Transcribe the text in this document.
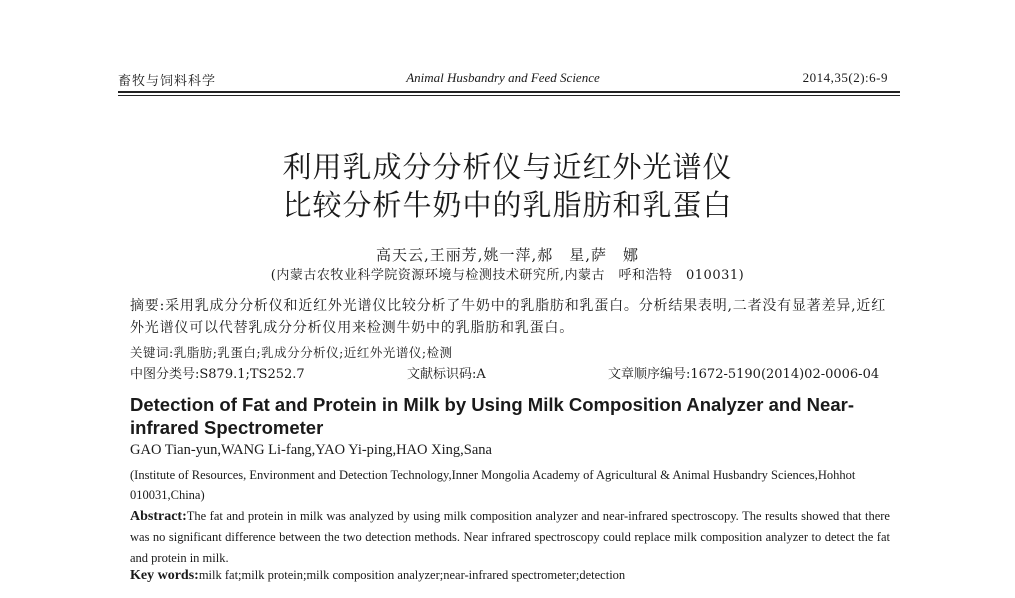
畜牧与饲料科学	Animal Husbandry and Feed Science	2014,35(2):6-9
利用乳成分分析仪与近红外光谱仪
比较分析牛奶中的乳脂肪和乳蛋白
高天云,王丽芳,姚一萍,郝　星,萨　娜
(内蒙古农牧业科学院资源环境与检测技术研究所,内蒙古　呼和浩特　010031)
摘要:采用乳成分分析仪和近红外光谱仪比较分析了牛奶中的乳脂肪和乳蛋白。分析结果表明,二者没有显著差异,近红外光谱仪可以代替乳成分分析仪用来检测牛奶中的乳脂肪和乳蛋白。
关键词:乳脂肪;乳蛋白;乳成分分析仪;近红外光谱仪;检测
中图分类号:S879.1;TS252.7	文献标识码:A	文章顺序编号:1672-5190(2014)02-0006-04
Detection of Fat and Protein in Milk by Using Milk Composition Analyzer and Near-infrared Spectrometer
GAO Tian-yun,WANG Li-fang,YAO Yi-ping,HAO Xing,Sana
(Institute of Resources, Environment and Detection Technology,Inner Mongolia Academy of Agricultural & Animal Husbandry Sciences,Hohhot　010031,China)
Abstract:The fat and protein in milk was analyzed by using milk composition analyzer and near-infrared spectroscopy. The results showed that there was no significant difference between the two detection methods. Near infrared spectroscopy could replace milk composition analyzer to detect the fat and protein in milk.
Key words:milk fat;milk protein;milk composition analyzer;near-infrared spectrometer;detection
